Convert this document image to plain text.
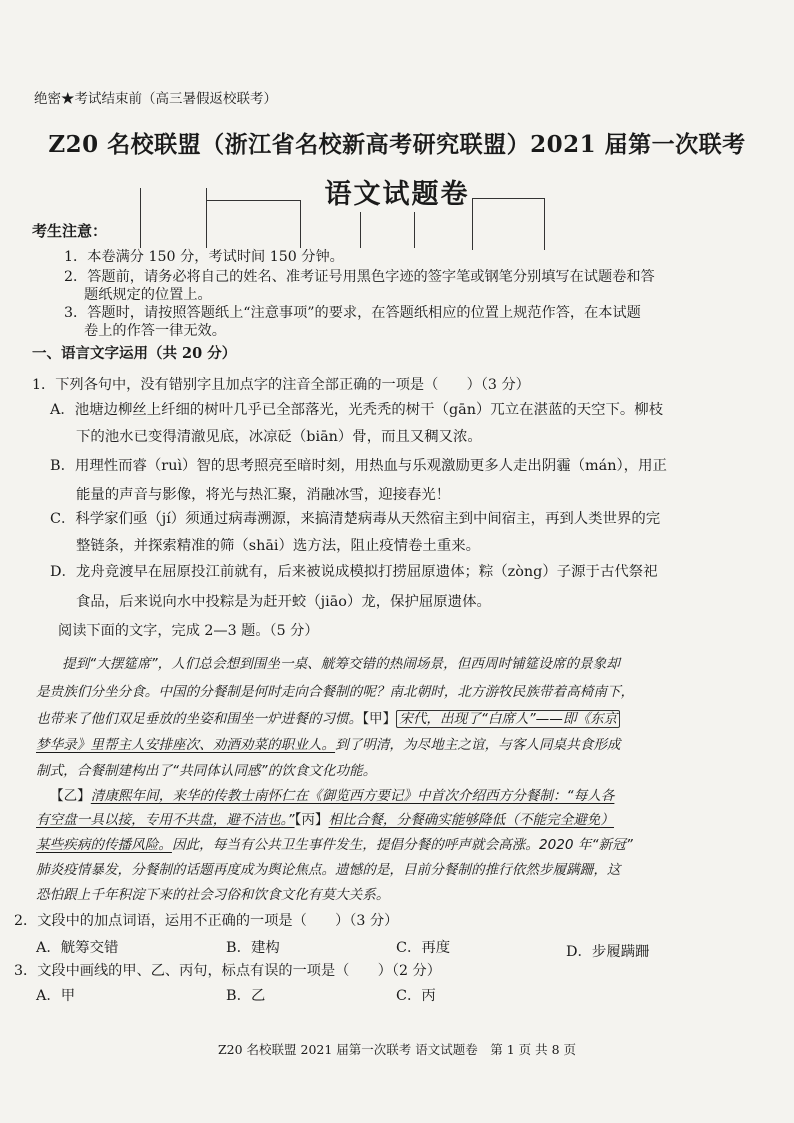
绝密★考试结束前（高三暑假返校联考）
Z20 名校联盟（浙江省名校新高考研究联盟）2021 届第一次联考
语文试题卷
考生注意：
1．本卷满分 150 分，考试时间 150 分钟。
2．答题前，请务必将自己的姓名、准考证号用黑色字迹的签字笔或钢笔分别填写在试题卷和答
题纸规定的位置上。
3．答题时，请按照答题纸上“注意事项”的要求，在答题纸相应的位置上规范作答，在本试题
卷上的作答一律无效。
一、语言文字运用（共 20 分）
1．下列各句中，没有错别字且加点字的注音全部正确的一项是（　　）（3 分）
A．池塘边柳丝上纤细的树叶几乎已全部落光，光秃秃的树干（gān）兀立在湛蓝的天空下。柳枝
下的池水已变得清澈见底，冰凉砭（biān）骨，而且又稠又浓。
B．用理性而睿（ruì）智的思考照亮至暗时刻，用热血与乐观激励更多人走出阴霾（mán），用正
能量的声音与影像，将光与热汇聚，消融冰雪，迎接春光！
C．科学家们亟（jí）须通过病毒溯源，来搞清楚病毒从天然宿主到中间宿主，再到人类世界的完
整链条，并探索精准的筛（shāi）选方法，阻止疫情卷土重来。
D．龙舟竞渡早在屈原投江前就有，后来被说成模拟打捞屈原遗体；粽（zòng）子源于古代祭祀
食品，后来说向水中投粽是为赶开蛟（jiāo）龙，保护屈原遗体。
阅读下面的文字，完成 2—3 题。（5 分）
提到“大摆筵席”，人们总会想到围坐一桌、觥筹交错的热闹场景，但西周时铺筵设席的景象却
是贵族们分坐分食。中国的分餐制是何时走向合餐制的呢？南北朝时，北方游牧民族带着高椅南下，
也带来了他们双足垂放的坐姿和围坐一炉进餐的习惯。【甲】 宋代，出现了“白席人”——即《东京
梦华录》里帮主人安排座次、劝酒劝菜的职业人。到了明清，为尽地主之谊，与客人同桌共食形成
制式，合餐制建构出了“共同体认同感”的饮食文化功能。
【乙】清康熙年间，来华的传教士南怀仁在《御览西方要记》中首次介绍西方分餐制：“每人各
有空盘一具以接，专用不共盘，避不洁也。”【丙】相比合餐，分餐确实能够降低（不能完全避免）
某些疾病的传播风险。因此，每当有公共卫生事件发生，提倡分餐的呼声就会高涨。2020 年“新冠”
肺炎疫情暴发，分餐制的话题再度成为舆论焦点。遗憾的是，目前分餐制的推行依然步履蹒跚，这
恐怕跟上千年积淀下来的社会习俗和饮食文化有莫大关系。
2．文段中的加点词语，运用不正确的一项是（　　）（3 分）
A．觥筹交错	B．建构	C．再度	D．步履蹒跚
3．文段中画线的甲、乙、丙句，标点有误的一项是（　　）（2 分）
A．甲	B．乙	C．丙
Z20 名校联盟 2021 届第一次联考 语文试题卷　第 1 页 共 8 页
